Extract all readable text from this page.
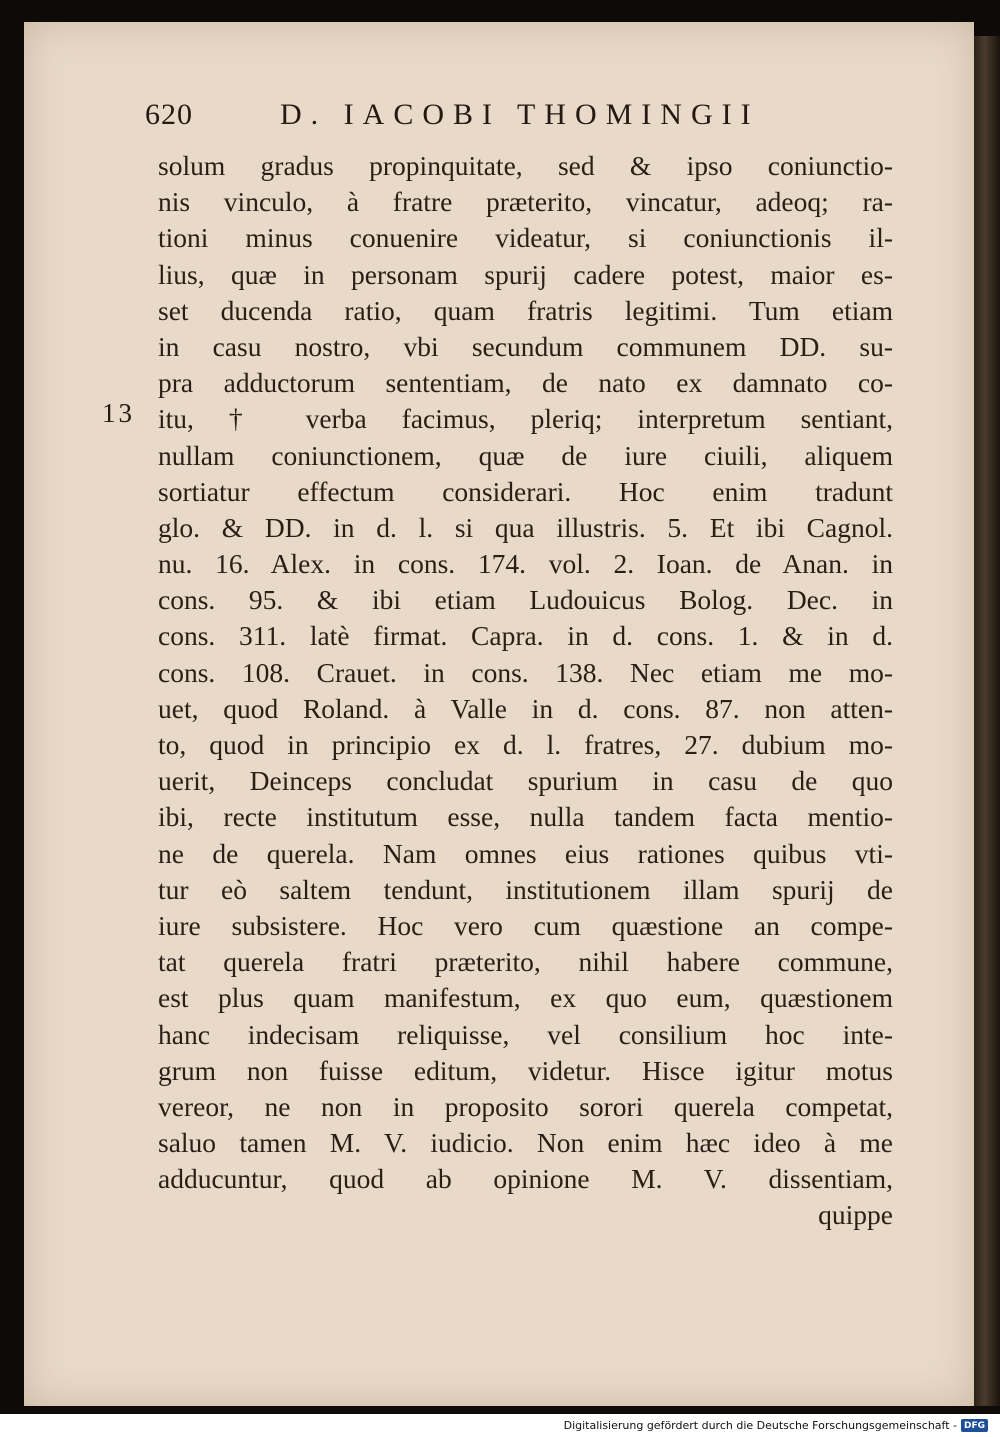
620	D. IACOBI THOMINGII
13
solum gradus propinquitate, sed & ipso coniunctio-
nis vinculo, à fratre præterito, vincatur, adeoq; ra-
tioni minus conuenire videatur, si coniunctionis il-
lius, quæ in personam spurij cadere potest, maior es-
set ducenda ratio, quam fratris legitimi. Tum etiam
in casu nostro, vbi secundum communem DD. su-
pra adductorum sententiam, de nato ex damnato co-
itu, † verba facimus, pleriq; interpretum sentiant,
nullam coniunctionem, quæ de iure ciuili, aliquem
sortiatur effectum considerari. Hoc enim tradunt
glo. & DD. in d. l. si qua illustris. 5. Et ibi Cagnol.
nu. 16. Alex. in cons. 174. vol. 2. Ioan. de Anan. in
cons. 95. & ibi etiam Ludouicus Bolog. Dec. in
cons. 311. latè firmat. Capra. in d. cons. 1. & in d.
cons. 108. Crauet. in cons. 138. Nec etiam me mo-
uet, quod Roland. à Valle in d. cons. 87. non atten-
to, quod in principio ex d. l. fratres, 27. dubium mo-
uerit, Deinceps concludat spurium in casu de quo
ibi, recte institutum esse, nulla tandem facta mentio-
ne de querela. Nam omnes eius rationes quibus vti-
tur eò saltem tendunt, institutionem illam spurij de
iure subsistere. Hoc vero cum quæstione an compe-
tat querela fratri præterito, nihil habere commune,
est plus quam manifestum, ex quo eum, quæstionem
hanc indecisam reliquisse, vel consilium hoc inte-
grum non fuisse editum, videtur. Hisce igitur motus
vereor, ne non in proposito sorori querela competat,
saluo tamen M. V. iudicio. Non enim hæc ideo à me
adducuntur, quod ab opinione M. V. dissentiam,
quippe
Digitalisierung gefördert durch die Deutsche Forschungsgemeinschaft - DFG
